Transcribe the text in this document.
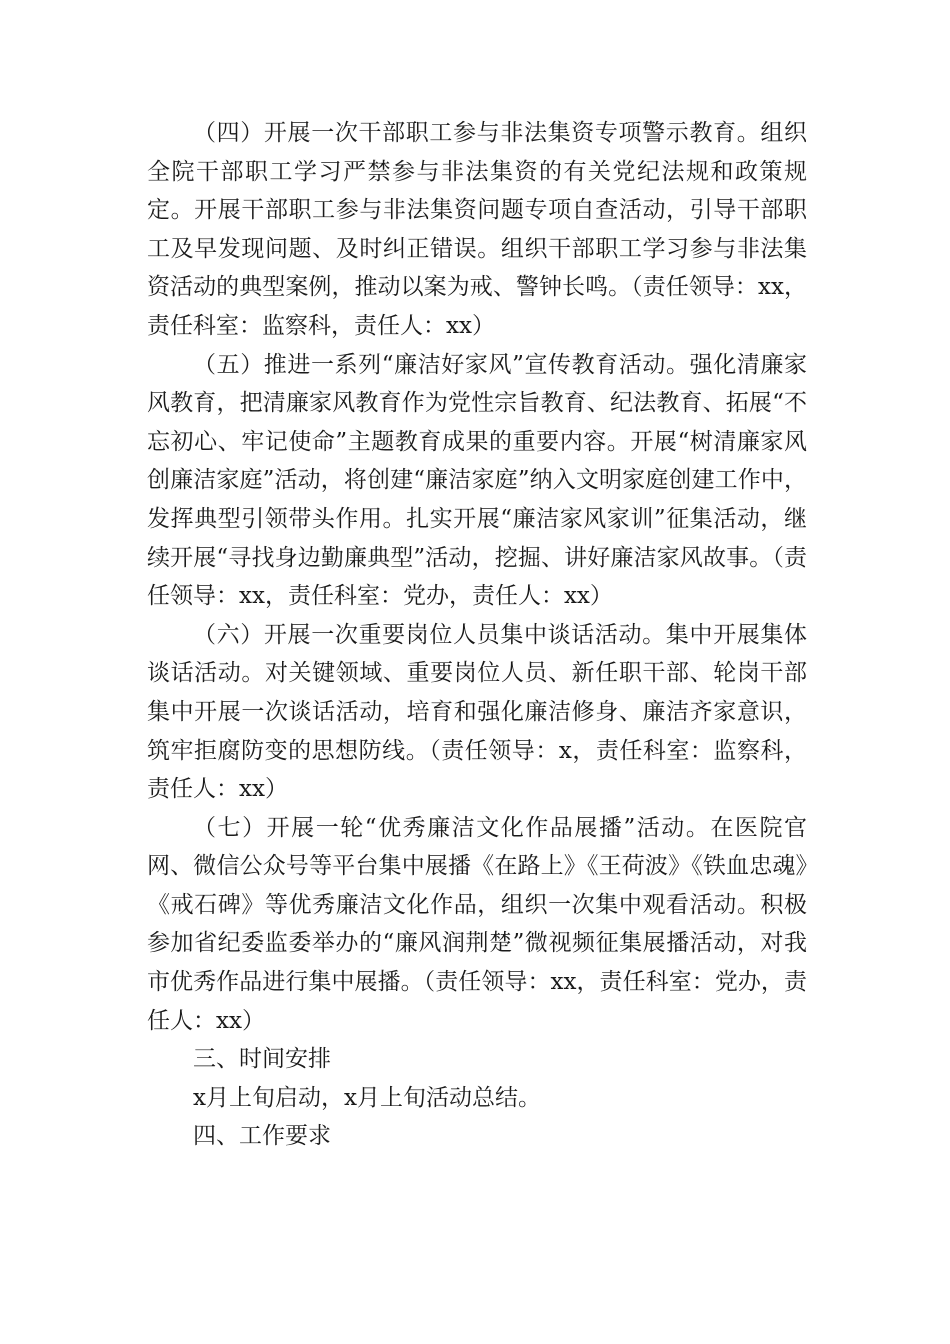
（四）开展一次干部职工参与非法集资专项警示教育。组织全院干部职工学习严禁参与非法集资的有关党纪法规和政策规定。开展干部职工参与非法集资问题专项自查活动，引导干部职工及早发现问题、及时纠正错误。组织干部职工学习参与非法集资活动的典型案例，推动以案为戒、警钟长鸣。（责任领导：xx，责任科室：监察科，责任人：xx）

（五）推进一系列“廉洁好家风”宣传教育活动。强化清廉家风教育，把清廉家风教育作为党性宗旨教育、纪法教育、拓展“不忘初心、牢记使命”主题教育成果的重要内容。开展“树清廉家风创廉洁家庭”活动，将创建“廉洁家庭”纳入文明家庭创建工作中，发挥典型引领带头作用。扎实开展“廉洁家风家训”征集活动，继续开展“寻找身边勤廉典型”活动，挖掘、讲好廉洁家风故事。（责任领导：xx，责任科室：党办，责任人：xx）

（六）开展一次重要岗位人员集中谈话活动。集中开展集体谈话活动。对关键领域、重要岗位人员、新任职干部、轮岗干部集中开展一次谈话活动，培育和强化廉洁修身、廉洁齐家意识，筑牢拒腐防变的思想防线。（责任领导：x，责任科室：监察科，责任人：xx）

（七）开展一轮“优秀廉洁文化作品展播”活动。在医院官网、微信公众号等平台集中展播《在路上》《王荷波》《铁血忠魂》《戒石碑》等优秀廉洁文化作品，组织一次集中观看活动。积极参加省纪委监委举办的“廉风润荆楚”微视频征集展播活动，对我市优秀作品进行集中展播。（责任领导：xx，责任科室：党办，责任人：xx）

三、时间安排

x月上旬启动，x月上旬活动总结。

四、工作要求
